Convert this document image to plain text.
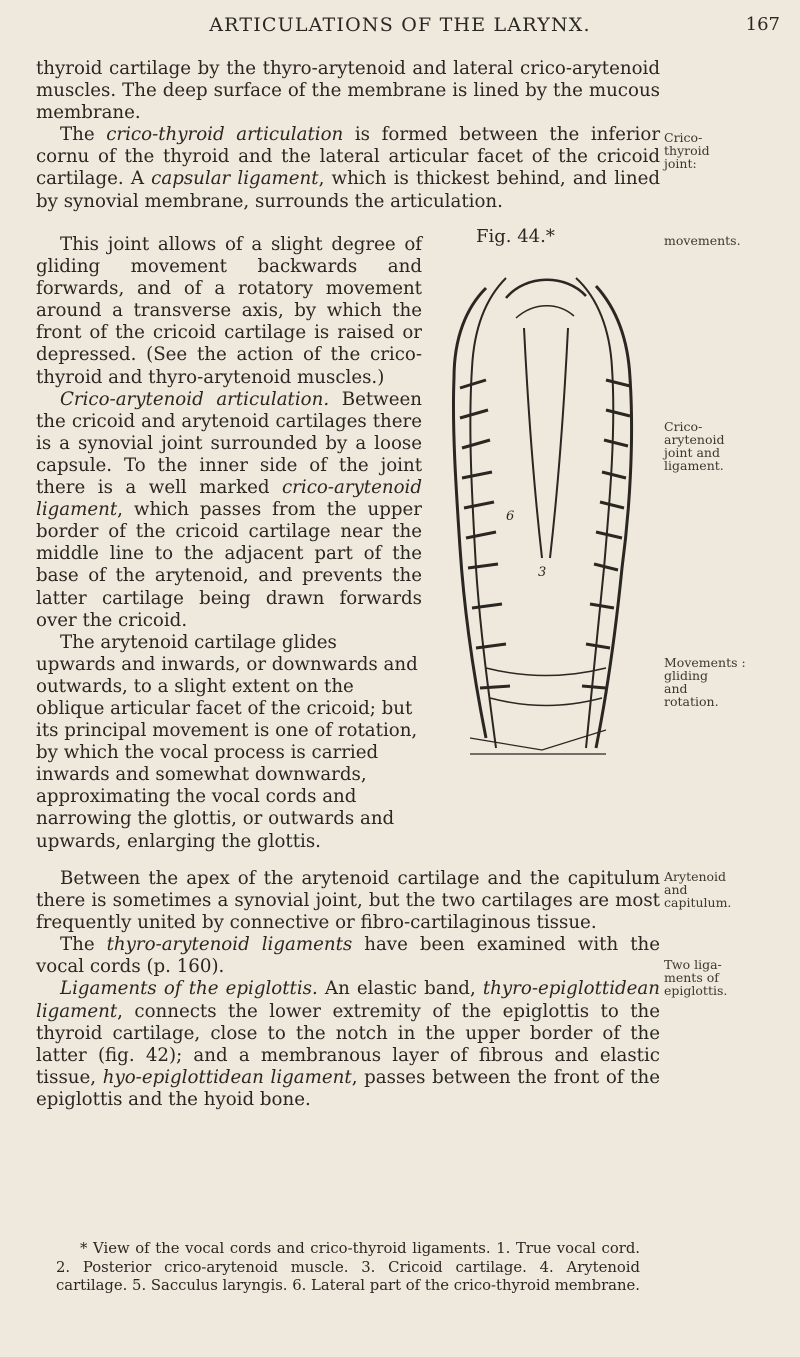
ARTICULATIONS OF THE LARYNX.	167

thyroid cartilage by the thyro-arytenoid and lateral crico-arytenoid muscles. The deep surface of the membrane is lined by the mucous membrane.

The crico-thyroid articulation is formed between the inferior cornu of the thyroid and the lateral articular facet of the cricoid cartilage. A capsular ligament, which is thickest behind, and lined by synovial membrane, surrounds the articulation.

This joint allows of a slight degree of gliding movement backwards and forwards, and of a rotatory movement around a transverse axis, by which the front of the cricoid cartilage is raised or depressed. (See the action of the crico-thyroid and thyro-arytenoid muscles.)

Crico-arytenoid articulation. Between the cricoid and arytenoid cartilages there is a synovial joint surrounded by a loose capsule. To the inner side of the joint there is a well marked crico-arytenoid ligament, which passes from the upper border of the cricoid cartilage near the middle line to the adjacent part of the base of the arytenoid, and prevents the latter cartilage being drawn forwards over the cricoid.

The arytenoid cartilage glides upwards and inwards, or downwards and outwards, to a slight extent on the oblique articular facet of the cricoid; but its principal movement is one of rotation, by which the vocal process is carried inwards and somewhat downwards, approximating the vocal cords and narrowing the glottis, or outwards and upwards, enlarging the glottis.

Between the apex of the arytenoid cartilage and the capitulum there is sometimes a synovial joint, but the two cartilages are most frequently united by connective or fibro-cartilaginous tissue.

The thyro-arytenoid ligaments have been examined with the vocal cords (p. 160).

Ligaments of the epiglottis. An elastic band, thyro-epiglottidean ligament, connects the lower extremity of the epiglottis to the thyroid cartilage, close to the notch in the upper border of the latter (fig. 42); and a membranous layer of fibrous and elastic tissue, hyo-epiglottidean ligament, passes between the front of the epiglottis and the hyoid bone.

Fig. 44.*
6
3
Crico-
thyroid
joint:
movements.
Crico-
arytenoid
joint and
ligament.
Movements :
gliding
and
rotation.
Arytenoid
and
capitulum.
Two liga-
ments of
epiglottis.

* View of the vocal cords and crico-thyroid ligaments. 1. True vocal cord. 2. Posterior crico-arytenoid muscle. 3. Cricoid cartilage. 4. Arytenoid cartilage. 5. Sacculus laryngis. 6. Lateral part of the crico-thyroid membrane.
